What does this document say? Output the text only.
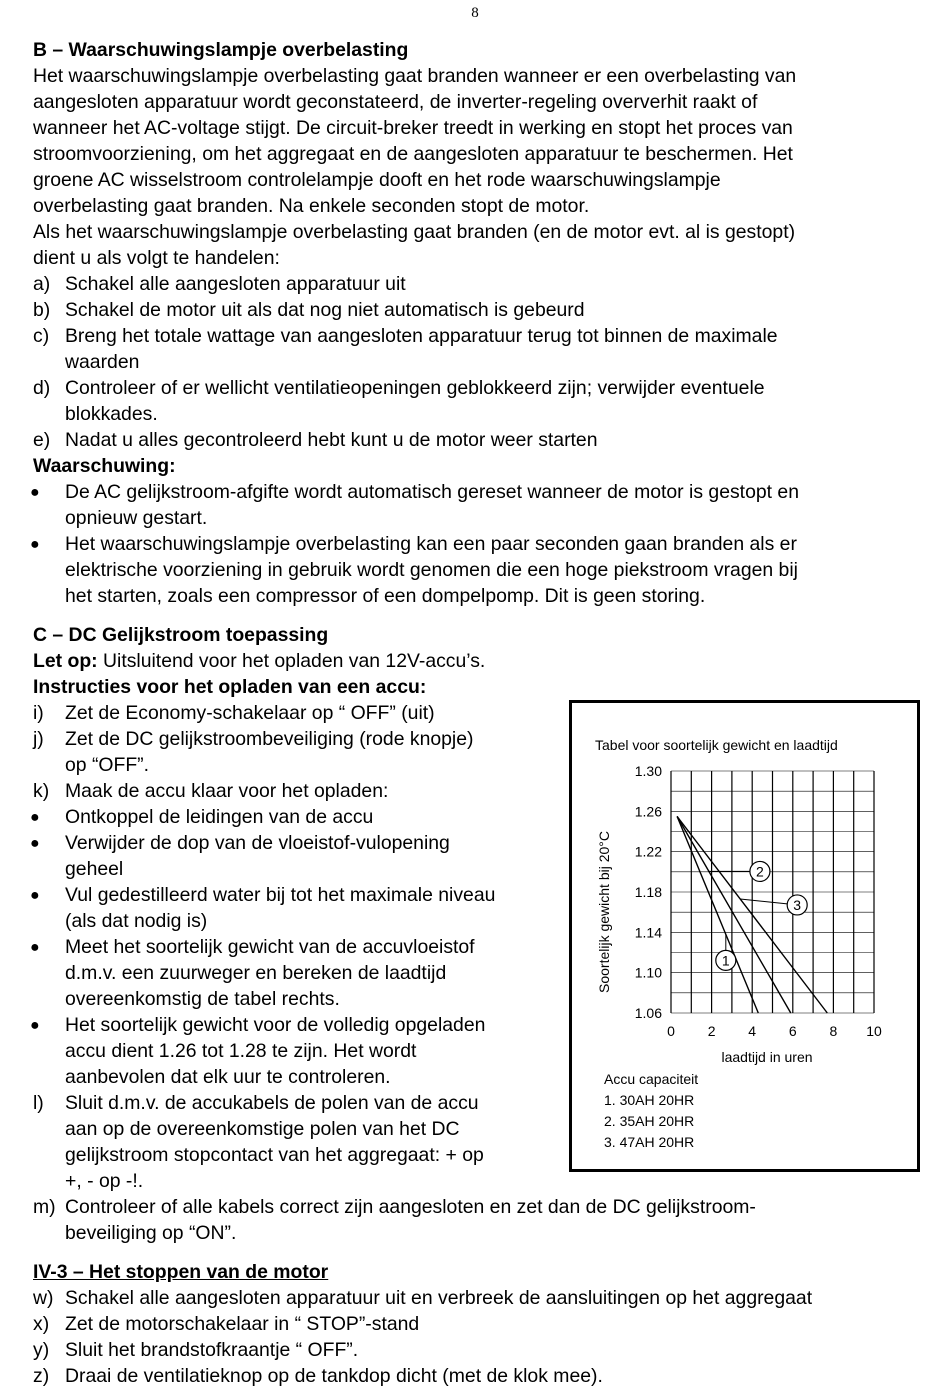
8
B – Waarschuwingslampje overbelasting
Het waarschuwingslampje overbelasting gaat branden wanneer er een overbelasting van
aangesloten apparatuur wordt geconstateerd, de inverter-regeling oververhit raakt of
wanneer het AC-voltage stijgt. De circuit-breker treedt in werking en stopt het proces van
stroomvoorziening, om het aggregaat en de aangesloten apparatuur te beschermen. Het
groene AC wisselstroom controlelampje dooft en het rode waarschuwingslampje
overbelasting gaat branden. Na enkele seconden stopt de motor.
Als het waarschuwingslampje overbelasting gaat branden (en de motor evt. al is gestopt)
dient u als volgt te handelen:
a) Schakel alle aangesloten apparatuur uit
b) Schakel de motor uit als dat nog niet automatisch is gebeurd
c) Breng het totale wattage van aangesloten apparatuur terug tot binnen de maximale
waarden
d) Controleer of er wellicht ventilatieopeningen geblokkeerd zijn; verwijder eventuele
blokkades.
e) Nadat u alles gecontroleerd hebt kunt u de motor weer starten
Waarschuwing:
● De AC gelijkstroom-afgifte wordt automatisch gereset wanneer de motor is gestopt en
opnieuw gestart.
● Het waarschuwingslampje overbelasting kan een paar seconden gaan branden als er
elektrische voorziening in gebruik wordt genomen die een hoge piekstroom vragen bij
het starten, zoals een compressor of een dompelpomp. Dit is geen storing.
C – DC Gelijkstroom toepassing
Let op: Uitsluitend voor het opladen van 12V-accu’s.
Instructies voor het opladen van een accu:
i) Zet de Economy-schakelaar op “ OFF” (uit)
j) Zet de DC gelijkstroombeveiliging (rode knopje)
op “OFF”.
k) Maak de accu klaar voor het opladen:
● Ontkoppel de leidingen van de accu
● Verwijder de dop van de vloeistof-vulopening
geheel
● Vul gedestilleerd water bij tot het maximale niveau
(als dat nodig is)
● Meet het soortelijk gewicht van de accuvloeistof
d.m.v. een zuurweger en bereken de laadtijd
overeenkomstig de tabel rechts.
● Het soortelijk gewicht voor de volledig opgeladen
accu dient 1.26 tot 1.28 te zijn. Het wordt
aanbevolen dat elk uur te controleren.
l) Sluit d.m.v. de accukabels de polen van de accu
aan op de overeenkomstige polen van het DC
gelijkstroom stopcontact van het aggregaat: + op
+, - op -!.
m) Controleer of alle kabels correct zijn aangesloten en zet dan de DC gelijkstroom-
beveiliging op “ON”.
IV-3 – Het stoppen van de motor
w) Schakel alle aangesloten apparatuur uit en verbreek de aansluitingen op het aggregaat
x) Zet de motorschakelaar in “ STOP”-stand
y) Sluit het brandstofkraantje “ OFF”.
z) Draai de ventilatieknop op de tankdop dicht (met de klok mee).
Tabel voor soortelijk gewicht en laadtijd
1.30
1.26
1.22
1.18
1.14
1.10
1.06
0 2 4 6 8 10
1
2
3
Soortelijk gewicht bij 20°C
laadtijd in uren
Accu capaciteit
1. 30AH 20HR
2. 35AH 20HR
3. 47AH 20HR
